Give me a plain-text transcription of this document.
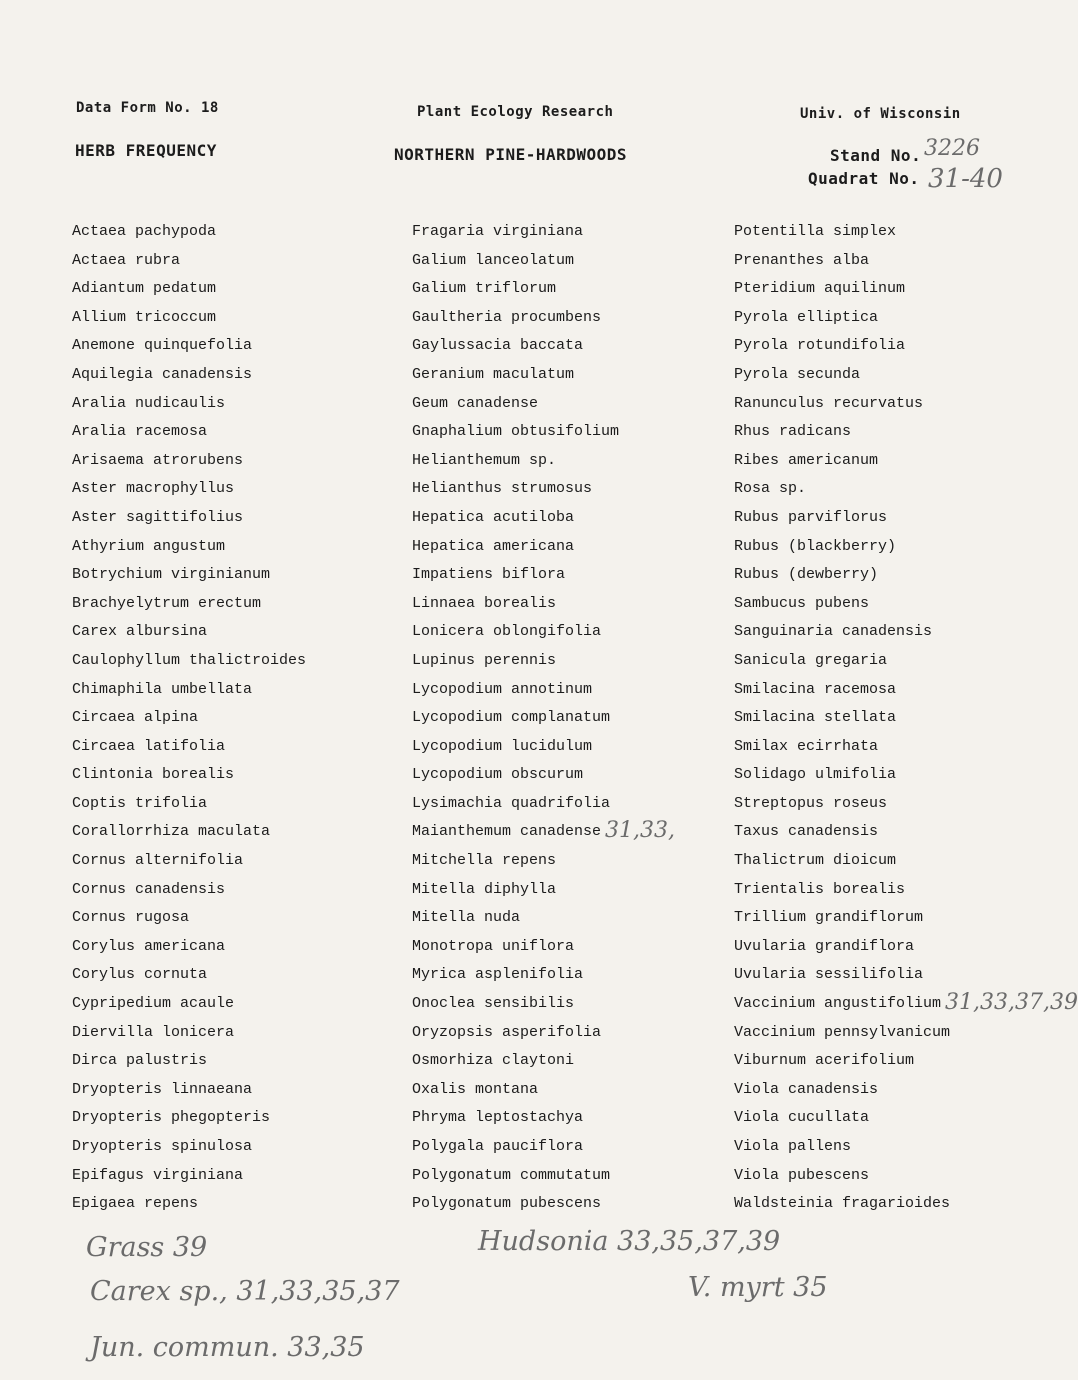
Data Form No. 18	Plant Ecology Research	Univ. of Wisconsin
HERB FREQUENCY	NORTHERN PINE-HARDWOODS	Stand No. 3226
Quadrat No. 31-40
Actaea pachypoda
Actaea rubra
Adiantum pedatum
Allium tricoccum
Anemone quinquefolia
Aquilegia canadensis
Aralia nudicaulis
Aralia racemosa
Arisaema atrorubens
Aster macrophyllus
Aster sagittifolius
Athyrium angustum
Botrychium virginianum
Brachyelytrum erectum
Carex albursina
Caulophyllum thalictroides
Chimaphila umbellata
Circaea alpina
Circaea latifolia
Clintonia borealis
Coptis trifolia
Corallorrhiza maculata
Cornus alternifolia
Cornus canadensis
Cornus rugosa
Corylus americana
Corylus cornuta
Cypripedium acaule
Diervilla lonicera
Dirca palustris
Dryopteris linnaeana
Dryopteris phegopteris
Dryopteris spinulosa
Epifagus virginiana
Epigaea repens
Fragaria virginiana
Galium lanceolatum
Galium triflorum
Gaultheria procumbens
Gaylussacia baccata
Geranium maculatum
Geum canadense
Gnaphalium obtusifolium
Helianthemum sp.
Helianthus strumosus
Hepatica acutiloba
Hepatica americana
Impatiens biflora
Linnaea borealis
Lonicera oblongifolia
Lupinus perennis
Lycopodium annotinum
Lycopodium complanatum
Lycopodium lucidulum
Lycopodium obscurum
Lysimachia quadrifolia
Maianthemum canadense 31,33,
Mitchella repens
Mitella diphylla
Mitella nuda
Monotropa uniflora
Myrica asplenifolia
Onoclea sensibilis
Oryzopsis asperifolia
Osmorhiza claytoni
Oxalis montana
Phryma leptostachya
Polygala pauciflora
Polygonatum commutatum
Polygonatum pubescens
Potentilla simplex
Prenanthes alba
Pteridium aquilinum
Pyrola elliptica
Pyrola rotundifolia
Pyrola secunda
Ranunculus recurvatus
Rhus radicans
Ribes americanum
Rosa sp.
Rubus parviflorus
Rubus (blackberry)
Rubus (dewberry)
Sambucus pubens
Sanguinaria canadensis
Sanicula gregaria
Smilacina racemosa
Smilacina stellata
Smilax ecirrhata
Solidago ulmifolia
Streptopus roseus
Taxus canadensis
Thalictrum dioicum
Trientalis borealis
Trillium grandiflorum
Uvularia grandiflora
Uvularia sessilifolia
Vaccinium angustifolium 31,33,37,39
Vaccinium pennsylvanicum
Viburnum acerifolium
Viola canadensis
Viola cucullata
Viola pallens
Viola pubescens
Waldsteinia fragarioides
Grass 39
Carex sp., 31,33,35,37
Jun. commun. 33,35
Hudsonia 33,35,37,39
V. myrt 35
